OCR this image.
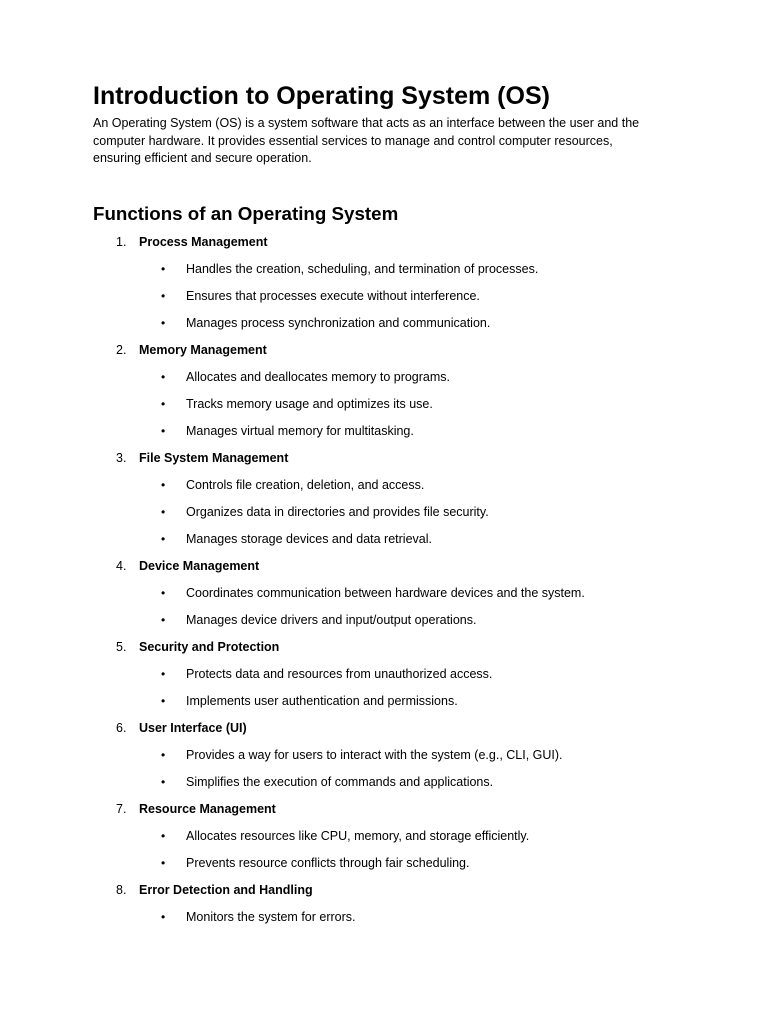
Introduction to Operating System (OS)

An Operating System (OS) is a system software that acts as an interface between the user and the computer hardware. It provides essential services to manage and control computer resources, ensuring efficient and secure operation.

Functions of an Operating System
1.	Process Management
• Handles the creation, scheduling, and termination of processes.
• Ensures that processes execute without interference.
• Manages process synchronization and communication.
2.	Memory Management
• Allocates and deallocates memory to programs.
• Tracks memory usage and optimizes its use.
• Manages virtual memory for multitasking.
3.	File System Management
• Controls file creation, deletion, and access.
• Organizes data in directories and provides file security.
• Manages storage devices and data retrieval.
4.	Device Management
• Coordinates communication between hardware devices and the system.
• Manages device drivers and input/output operations.
5.	Security and Protection
• Protects data and resources from unauthorized access.
• Implements user authentication and permissions.
6.	User Interface (UI)
• Provides a way for users to interact with the system (e.g., CLI, GUI).
• Simplifies the execution of commands and applications.
7.	Resource Management
• Allocates resources like CPU, memory, and storage efficiently.
• Prevents resource conflicts through fair scheduling.
8.	Error Detection and Handling
• Monitors the system for errors.
